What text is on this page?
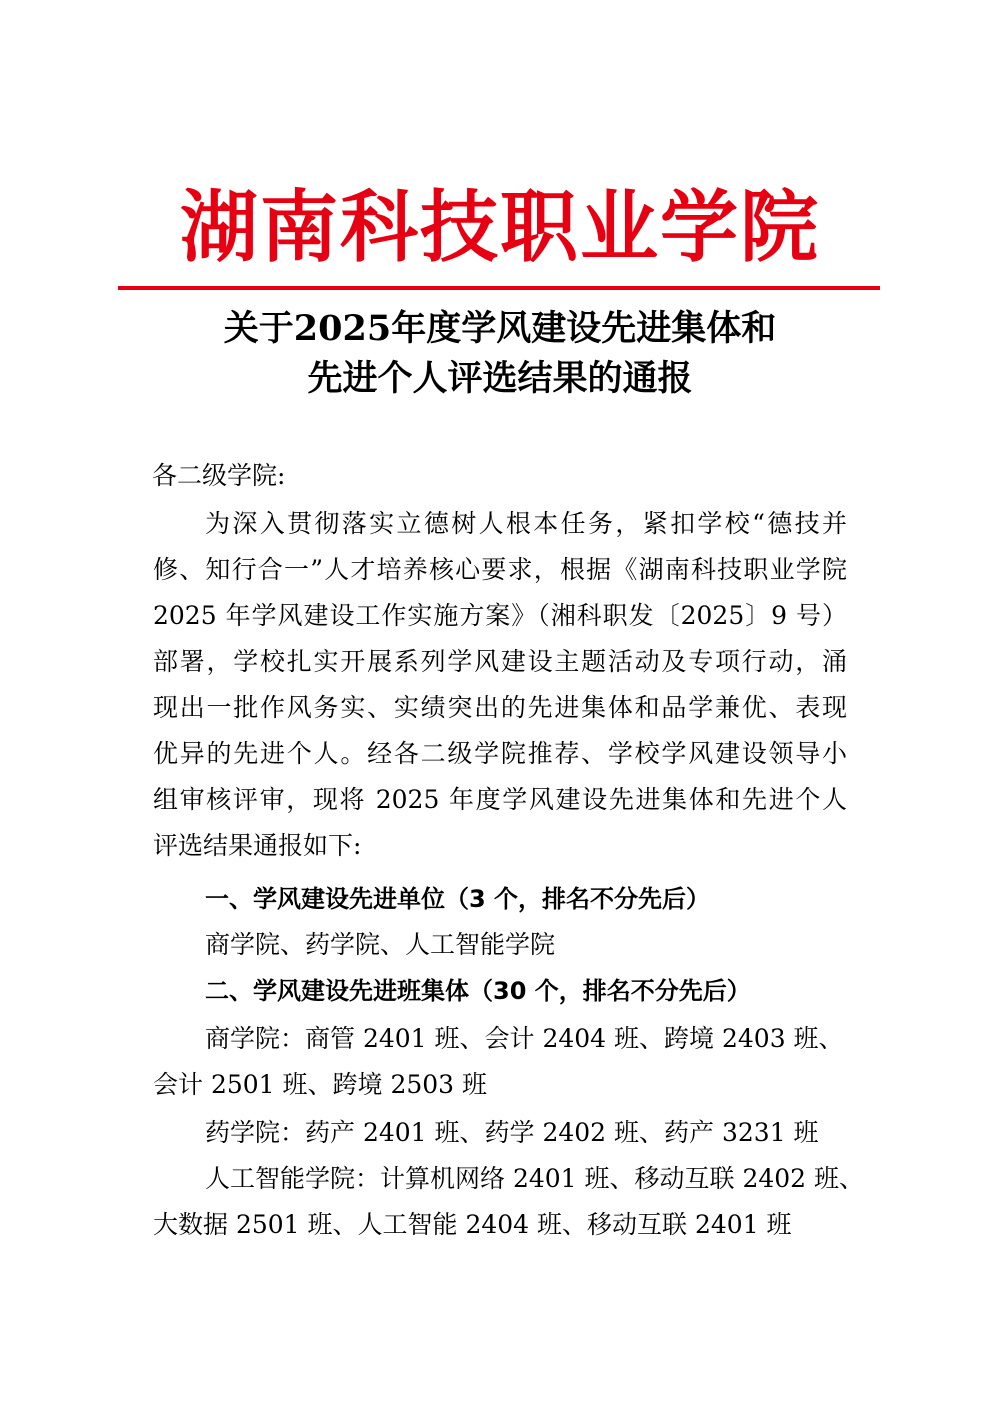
湖南科技职业学院
关于2025年度学风建设先进集体和
先进个人评选结果的通报
各二级学院:
为深入贯彻落实立德树人根本任务，紧扣学校“德技并
修、知行合一”人才培养核心要求，根据《湖南科技职业学院
2025 年学风建设工作实施方案》（湘科职发〔2025〕9 号）
部署，学校扎实开展系列学风建设主题活动及专项行动，涌
现出一批作风务实、实绩突出的先进集体和品学兼优、表现
优异的先进个人。经各二级学院推荐、学校学风建设领导小
组审核评审，现将 2025 年度学风建设先进集体和先进个人
评选结果通报如下:
一、学风建设先进单位（3 个，排名不分先后）
商学院、药学院、人工智能学院
二、学风建设先进班集体（30 个，排名不分先后）
商学院：商管 2401 班、会计 2404 班、跨境 2403 班、
会计 2501 班、跨境 2503 班
药学院：药产 2401 班、药学 2402 班、药产 3231 班
人工智能学院：计算机网络 2401 班、移动互联 2402 班、
大数据 2501 班、人工智能 2404 班、移动互联 2401 班
